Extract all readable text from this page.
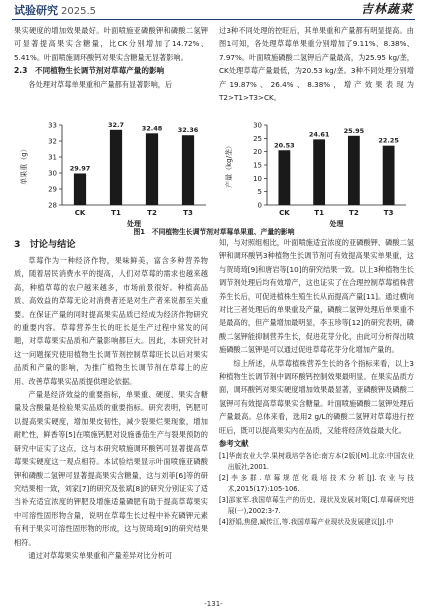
试验研究 2025.5	吉林蔬菜

果实硬度的增加效果最好。叶面喷施亚磷酸钾和磷酸二氢钾可显著提高果实含糖量，比CK分别增加了14.72%、5.41%。叶面喷施调环酸钙对果实含糖量无显著影响。

2.3　不同植物生长调节剂对草莓产量的影响

各处理对草莓单果重和产量都有显著影响，后

过3种不同处理的控旺后，其单果重和产量都有明显提高。由图1可知，各处理草莓单果重分别增加了9.11%、8.38%、7.97%。叶面喷施磷酸二氢钾后产量最高，为25.95 kg/垄，CK处理草莓产量最低，为20.53 kg/垄。3种不同处理分别增产19.87%、26.4%、8.38%，增产效果表现为T2>T1>T3>CK。

单果重（g）
28
29
30
31
32
33
29.97
CK
32.7
T1
32.48
T2
32.36
T3
处理
产量（kg/垄）
0
5
10
15
20
25
30
20.53
CK
24.61
T1
25.95
T2
22.25
T3
处理
图1　不同植物生长调节剂对草莓单果重、产量的影响

3　讨论与结论

草莓作为一种经济作物，果味鲜美，富含多种营养物质，随着居民消费水平的提高，人们对草莓的需求也越来越高，种植草莓的农户越来越多，市场前景很好。种植高品质、高效益的草莓无论对消费者还是对生产者来说都至关重要。在保证产量的同时提高果实品质已经成为经济作物研究的重要内容。草莓营养生长的旺长是生产过程中常发的问题，对草莓果实品质和产量影响都巨大。因此，本研究针对这一问题探究使用植物生长调节剂控制草莓旺长以后对果实品质和产量的影响，为推广植物生长调节剂在草莓上的应用、改善草莓果实品质提供理论依据。

产量是经济效益的重要指标，单果重、硬度、果实含糖量及含酸量是检验果实品质的重要指标。研究表明，钙肥可以提高果实硬度，增加果皮韧性，减少裂果烂果现象，增加耐贮性，鲜香等[5]在喷施钙肥对设施番茄生产与裂果预防的研究中证实了这点，这与本研究喷施调环酸钙可显著提高草莓果实硬度这一观点相符。本试验结果显示叶面喷施亚磷酸钾和磷酸二氢钾可显著提高果实含糖量，这与刘菲[6]等的研究结果相一致，刘家[7]的研究及张斌[8]的研究分别证实了适当补充适宜浓度的钾肥及增施适量磷肥有助于提高草莓果实中可溶性固形物含量，说明在草莓生长过程中补充磷钾元素有利于果实可溶性固形物的形成，这与贺琦琦[9]的研究结果相符。

通过对草莓果实单果重和产量差异对比分析可

知，与对照组相比，叶面喷施适宜浓度的亚磷酸钾、磷酸二氢钾和调环酸钙3种植物生长调节剂可有效提高果实单果重，这与贺琦琦[9]和唐岩等[10]的研究结果一致。以上3种植物生长调节剂处理后均有效增产，这也证实了在合理控制草莓植株营养生长后，可促进植株生殖生长从而提高产量[11]。通过横向对比三者处理后的单果重及产量，磷酸二氢钾处理后单果重不是最高的，但产量增加最明显，李玉珍等[12]的研究表明，磷酸二氢钾能抑制营养生长，促进花芽分化，由此可分析得出喷施磷酸二氢钾是可以通过促进草莓花芽分化增加产量的。

综上所述，从草莓植株营养生长的各个指标来看，以上3种植物生长调节剂中调环酸钙控制效果最明显。在果实品质方面，调环酸钙对果实硬度增加效果最显著，亚磷酸钾及磷酸二氢钾可有效提高草莓果实含糖量。叶面喷施磷酸二氢钾处理后产量最高。总体来看，选用2 g/L的磷酸二氢钾对草莓进行控旺后，既可以提高果实内在品质，又能将经济效益最大化。

参考文献

[1]华南农业大学.果树栽培学各论:南方本(2版)[M].北京:中国农业出版社,2001.

[2]李多群.草莓规范化栽培技术分析[J].农业与技术,2015(17):105-106.

[3]邵家军.我国草莓生产的历史、现状及发展对策[C].草莓研究进展(一),2002:3-7.

[4]舒娟,焦健,臧传江,等.我国草莓产业现状及发展建议[J].中

-131-
